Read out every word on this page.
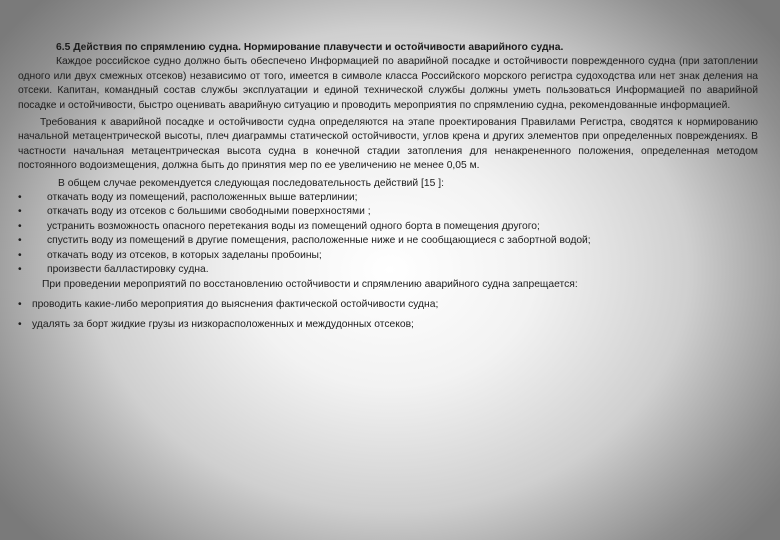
6.5 Действия по спрямлению судна. Нормирование плавучести и остойчивости аварийного судна.

Каждое российское судно должно быть обеспечено Информацией по аварийной посадке и остойчивости поврежденного судна (при затоплении одного или двух смежных отсеков) независимо от того, имеется в символе класса Российского морского регистра судоходства или нет знак деления на отсеки. Капитан, командный состав службы эксплуатации и единой технической службы должны уметь пользоваться Информацией по аварийной посадке и остойчивости, быстро оценивать аварийную ситуацию и проводить мероприятия по спрямлению судна, рекомендованные информацией.

Требования к аварийной посадке и остойчивости судна определяются на этапе проектирования Правилами Регистра, сводятся к нормированию начальной метацентрической высоты, плеч диаграммы статической остойчивости, углов крена и других элементов при определенных повреждениях. В частности начальная метацентрическая высота судна в конечной стадии затопления для ненакрененного положения, определенная методом постоянного водоизмещения, должна быть до принятия мер по ее увеличению не менее 0,05 м.

В общем случае рекомендуется следующая последовательность действий [15 ]:

• откачать воду из помещений, расположенных выше ватерлинии;
• откачать воду из отсеков с большими свободными поверхностями ;
• устранить возможность опасного перетекания воды из помещений одного борта в помещения другого;
• спустить воду из помещений в другие помещения, расположенные ниже и не сообщающиеся с забортной водой;
• откачать воду из отсеков, в которых заделаны пробоины;
• произвести балластировку судна.

При проведении мероприятий по восстановлению остойчивости и спрямлению аварийного судна запрещается:

• проводить какие-либо мероприятия до выяснения фактической остойчивости судна;
• удалять за борт жидкие грузы из низкорасположенных и междудонных отсеков;
